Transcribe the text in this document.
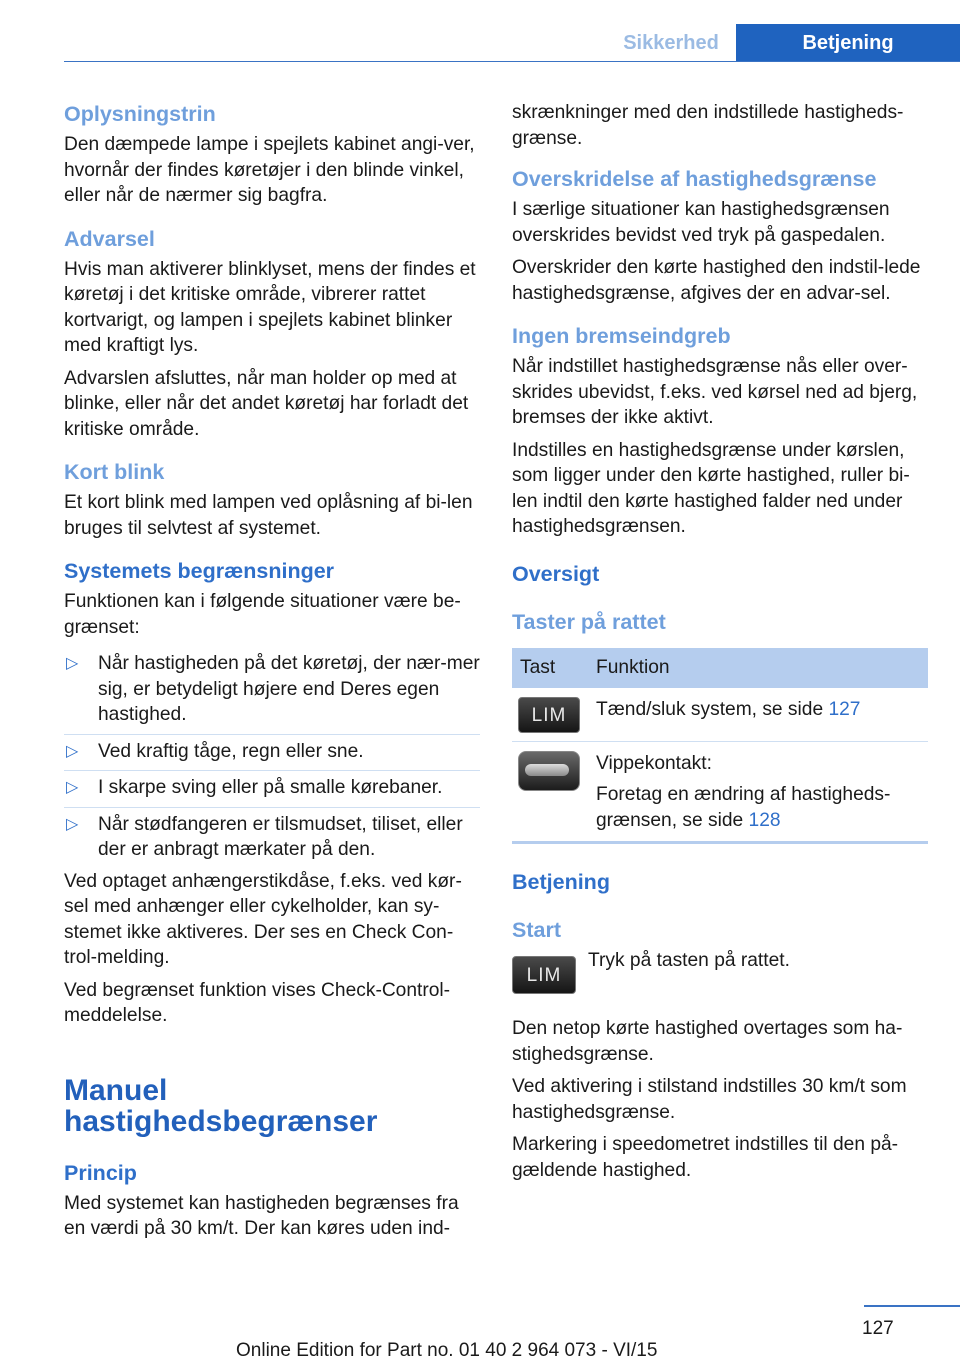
Sikkerhed	Betjening
Oplysningstrin

Den dæmpede lampe i spejlets kabinet angi-ver, hvornår der findes køretøjer i den blinde vinkel, eller når de nærmer sig bagfra.

Advarsel

Hvis man aktiverer blinklyset, mens der findes et køretøj i det kritiske område, vibrerer rattet kortvarigt, og lampen i spejlets kabinet blinker med kraftigt lys.

Advarslen afsluttes, når man holder op med at blinke, eller når det andet køretøj har forladt det kritiske område.

Kort blink

Et kort blink med lampen ved oplåsning af bi-len bruges til selvtest af systemet.

Systemets begrænsninger

Funktionen kan i følgende situationer være be-grænset:

▷ Når hastigheden på det køretøj, der nær-mer sig, er betydeligt højere end Deres egen hastighed.
▷ Ved kraftig tåge, regn eller sne.
▷ I skarpe sving eller på smalle kørebaner.
▷ Når stødfangeren er tilsmudset, tiliset, eller der er anbragt mærkater på den.

Ved optaget anhængerstikdåse, f.eks. ved kør-sel med anhænger eller cykelholder, kan sy-stemet ikke aktiveres. Der ses en Check Con-trol-melding.

Ved begrænset funktion vises Check-Control-meddelelse.

Manuel
hastighedsbegrænser
Princip

Med systemet kan hastigheden begrænses fra en værdi på 30 km/t. Der kan køres uden ind-

skrænkninger med den indstillede hastigheds-grænse.

Overskridelse af hastighedsgrænse

I særlige situationer kan hastighedsgrænsen overskrides bevidst ved tryk på gaspedalen.

Overskrider den kørte hastighed den indstil-lede hastighedsgrænse, afgives der en advar-sel.

Ingen bremseindgreb

Når indstillet hastighedsgrænse nås eller over-skrides ubevidst, f.eks. ved kørsel ned ad bjerg, bremses der ikke aktivt.

Indstilles en hastighedsgrænse under kørslen, som ligger under den kørte hastighed, ruller bi-len indtil den kørte hastighed falder ned under hastighedsgrænsen.

Oversigt
Taster på rattet
Tast	Funktion

LIM	Tænd/sluk system, se side 127

	Vippekontakt:

Foretag en ændring af hastigheds-grænsen, se side 128
Betjening
Start
LIM

Tryk på tasten på rattet.

Den netop kørte hastighed overtages som ha-stighedsgrænse.

Ved aktivering i stilstand indstilles 30 km/t som hastighedsgrænse.

Markering i speedometret indstilles til den på-gældende hastighed.

127
Online Edition for Part no. 01 40 2 964 073 - VI/15
